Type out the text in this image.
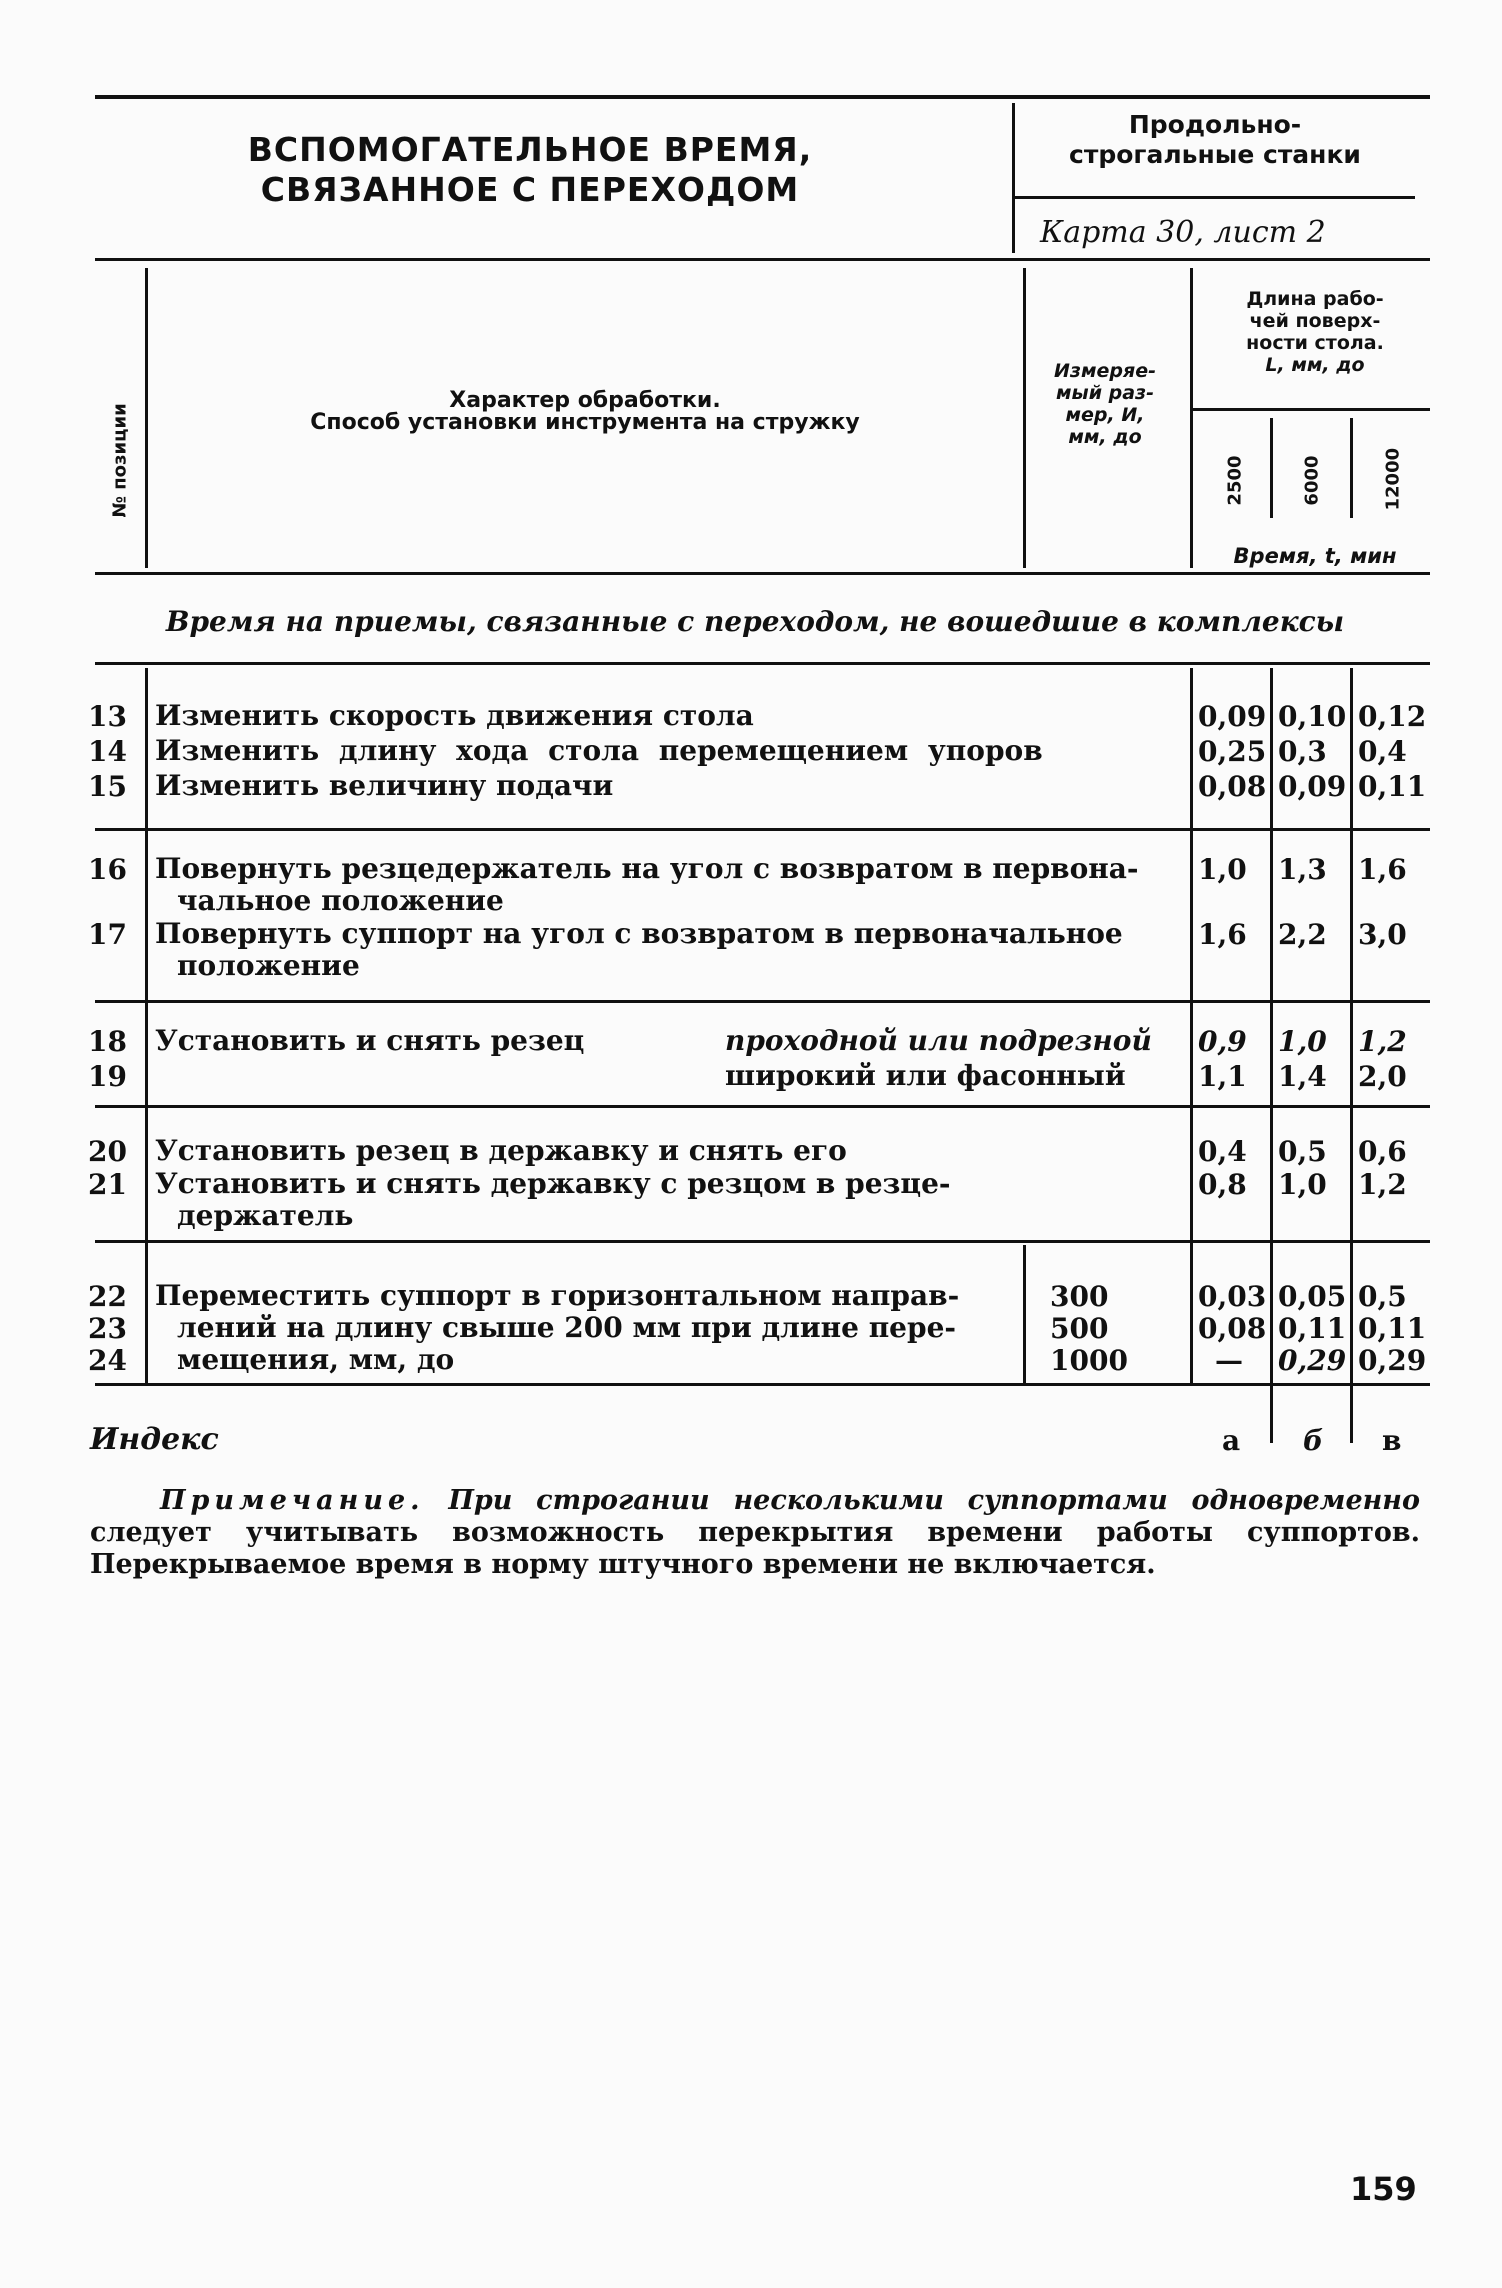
ВСПОМОГАТЕЛЬНОЕ ВРЕМЯ,
СВЯЗАННОЕ С ПЕРЕХОДОМ
Продольно-
строгальные станки
Карта 30, лист 2
№ позиции
Характер обработки.
Способ установки инструмента на стружку
Измеряе-
мый раз-
мер, И,
мм, до
Длина рабо-
чей поверх-
ности стола.
L, мм, до
2500	6000	12000
Время, t, мин
Время на приемы, связанные с переходом, не вошедшие в комплексы
13	Изменить скорость движения стола	0,09 0,10 0,12
14	Изменить длину хода стола перемещением упоров	0,25 0,3 0,4
15	Изменить величину подачи	0,08 0,09 0,11
16	Повернуть резцедержатель на угол с возвратом в первона-
чальное положение
1,0 1,3 1,6
17	Повернуть суппорт на угол с возвратом в первоначальное
положение
1,6 2,2 3,0
18	Установить и снять резец	проходной или подрезной 0,9 1,0 1,2
19	широкий или фасонный	1,1 1,4 2,0
20	Установить резец в державку и снять его	0,4 0,5 0,6
21	Установить и снять державку с резцом в резце-
держатель
0,8 1,0 1,2
22	Переместить суппорт в горизонтальном направ-	300	0,03 0,05 0,5
23	лений на длину свыше 200 мм при длине пере-	500	0,08 0,11 0,11
24	мещения, мм, до	1000	— 0,29 0,29
Индекс	а б в
Примечание. При строгании несколькими суппортами одновременно следует учитывать возможность перекрытия времени работы суппортов. Перекрываемое время в норму штучного времени не включается.
159
